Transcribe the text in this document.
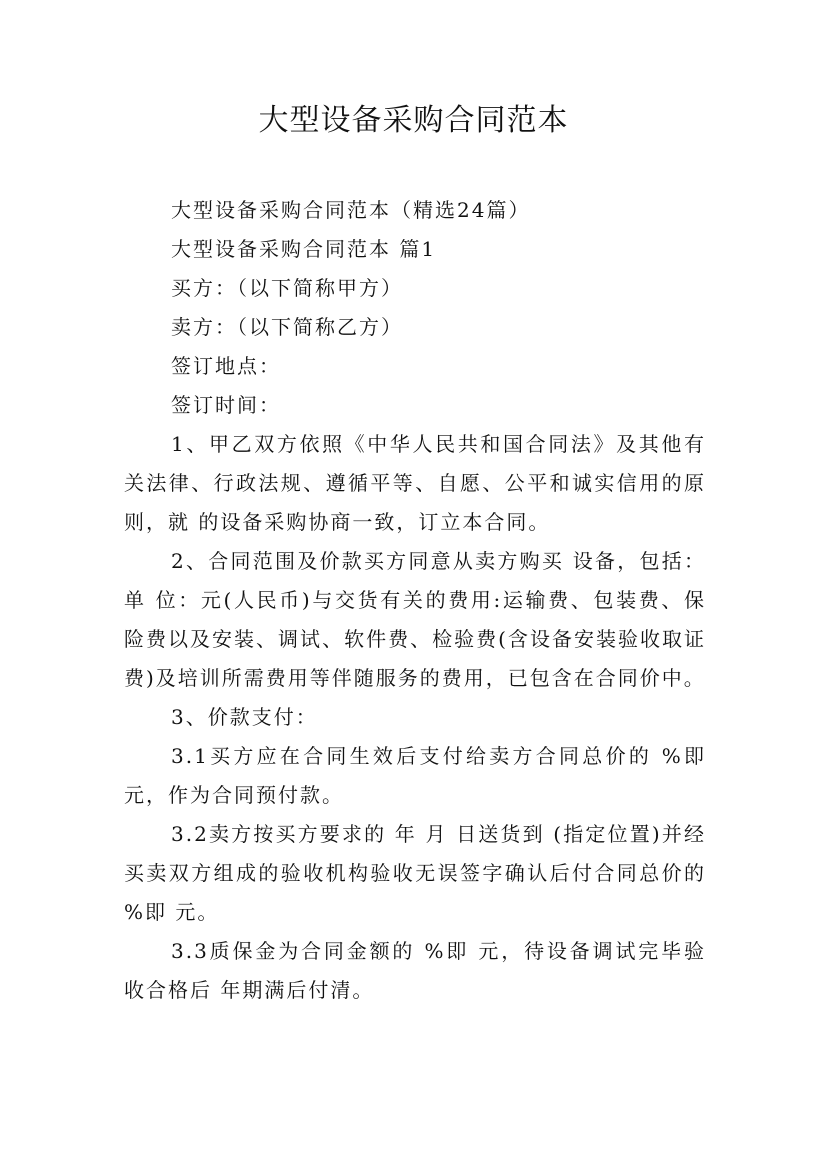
大型设备采购合同范本

大型设备采购合同范本（精选24篇）

大型设备采购合同范本 篇1

买方：（以下简称甲方）

卖方：（以下简称乙方）

签订地点：

签订时间：

1、甲乙双方依照《中华人民共和国合同法》及其他有关法律、行政法规、遵循平等、自愿、公平和诚实信用的原则，就 的设备采购协商一致，订立本合同。

2、合同范围及价款买方同意从卖方购买 设备，包括：单 位：元(人民币)与交货有关的费用:运输费、包装费、保险费以及安装、调试、软件费、检验费(含设备安装验收取证费)及培训所需费用等伴随服务的费用，已包含在合同价中。

3、价款支付：

3.1买方应在合同生效后支付给卖方合同总价的 %即 元，作为合同预付款。

3.2卖方按买方要求的 年 月 日送货到 (指定位置)并经买卖双方组成的验收机构验收无误签字确认后付合同总价的 %即 元。

3.3质保金为合同金额的 %即 元，待设备调试完毕验收合格后 年期满后付清。
